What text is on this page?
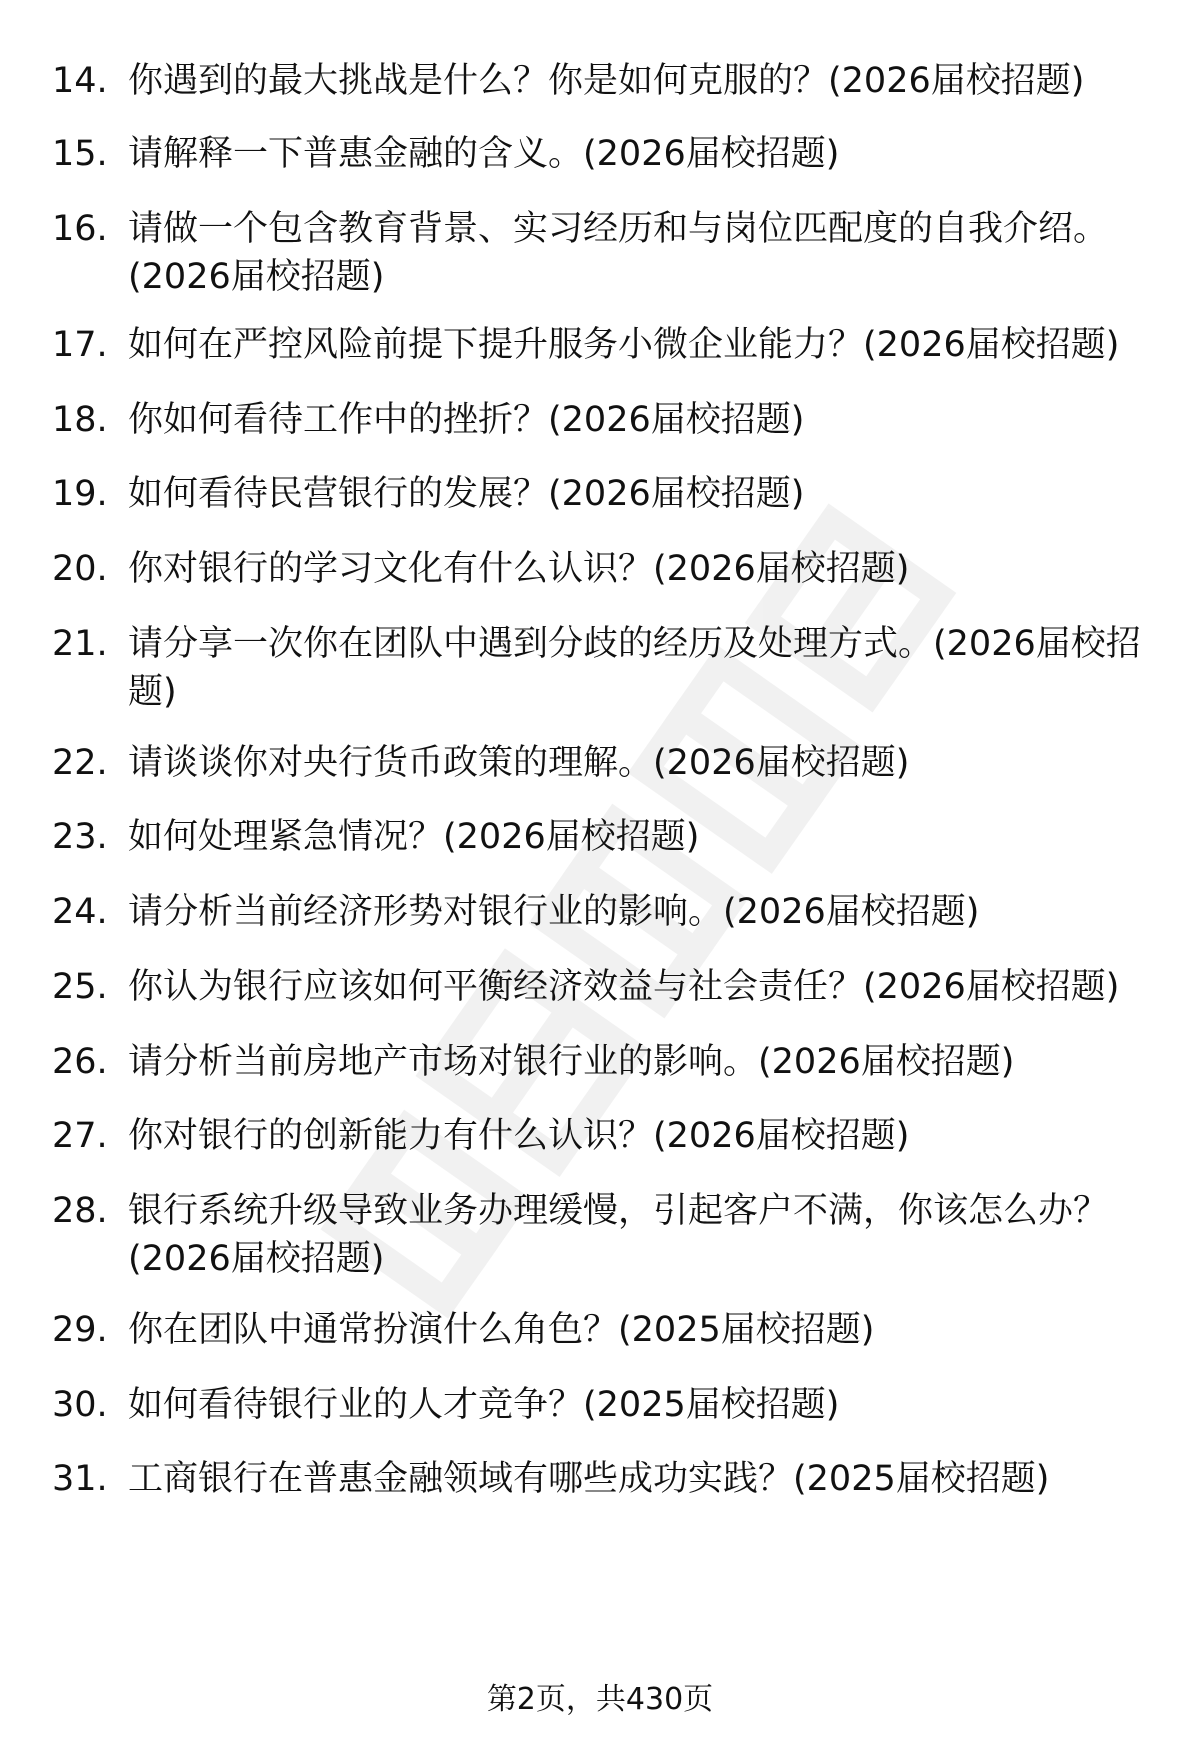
14. 你遇到的最大挑战是什么？你是如何克服的？(2026届校招题)
15. 请解释一下普惠金融的含义。(2026届校招题)
16. 请做一个包含教育背景、实习经历和与岗位匹配度的自我介绍。(2026届校招题)
17. 如何在严控风险前提下提升服务小微企业能力？(2026届校招题)
18. 你如何看待工作中的挫折？(2026届校招题)
19. 如何看待民营银行的发展？(2026届校招题)
20. 你对银行的学习文化有什么认识？(2026届校招题)
21. 请分享一次你在团队中遇到分歧的经历及处理方式。(2026届校招题)
22. 请谈谈你对央行货币政策的理解。(2026届校招题)
23. 如何处理紧急情况？(2026届校招题)
24. 请分析当前经济形势对银行业的影响。(2026届校招题)
25. 你认为银行应该如何平衡经济效益与社会责任？(2026届校招题)
26. 请分析当前房地产市场对银行业的影响。(2026届校招题)
27. 你对银行的创新能力有什么认识？(2026届校招题)
28. 银行系统升级导致业务办理缓慢，引起客户不满，你该怎么办？(2026届校招题)
29. 你在团队中通常扮演什么角色？(2025届校招题)
30. 如何看待银行业的人才竞争？(2025届校招题)
31. 工商银行在普惠金融领域有哪些成功实践？(2025届校招题)
第2页，共430页
